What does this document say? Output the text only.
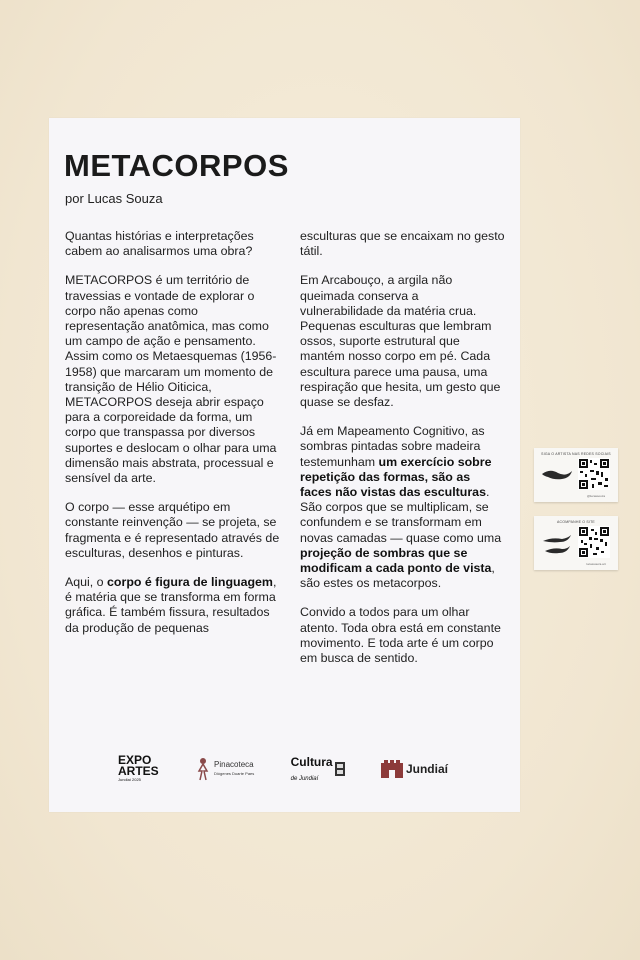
METACORPOS
por Lucas Souza

Quantas histórias e interpretações cabem ao analisarmos uma obra?

METACORPOS é um território de travessias e vontade de explorar o corpo não apenas como representação anatômica, mas como um campo de ação e pensamento. Assim como os Metaesquemas (1956-1958) que marcaram um momento de transição de Hélio Oiticica, METACORPOS deseja abrir espaço para a corporeidade da forma, um corpo que transpassa por diversos suportes e deslocam o olhar para uma dimensão mais abstrata, processual e sensível da arte.

O corpo — esse arquétipo em constante reinvenção — se projeta, se fragmenta e é representado através de esculturas, desenhos e pinturas.

Aqui, o corpo é figura de linguagem, é matéria que se transforma em forma gráfica. É também fissura, resultados da produção de pequenas

esculturas que se encaixam no gesto tátil.

Em Arcabouço, a argila não queimada conserva a vulnerabilidade da matéria crua. Pequenas esculturas que lembram ossos, suporte estrutural que mantém nosso corpo em pé. Cada escultura parece uma pausa, uma respiração que hesita, um gesto que quase se desfaz.

Já em Mapeamento Cognitivo, as sombras pintadas sobre madeira testemunham um exercício sobre repetição das formas, são as faces não vistas das esculturas. São corpos que se multiplicam, se confundem e se transformam em novas camadas — quase como uma projeção de sombras que se modificam a cada ponto de vista, são estes os metacorpos.

Convido a todos para um olhar atento. Toda obra está em constante movimento. E toda arte é um corpo em busca de sentido.

EXPO
ARTES
Jundiaí 2025
Pinacoteca
Diógenes Duarte Paes
Cultura
de Jundiaí
Jundiaí
SIGA O ARTISTA NAS REDES SOCIAIS
@lucassouza
ACOMPANHE O SITE
lucassouza.art
